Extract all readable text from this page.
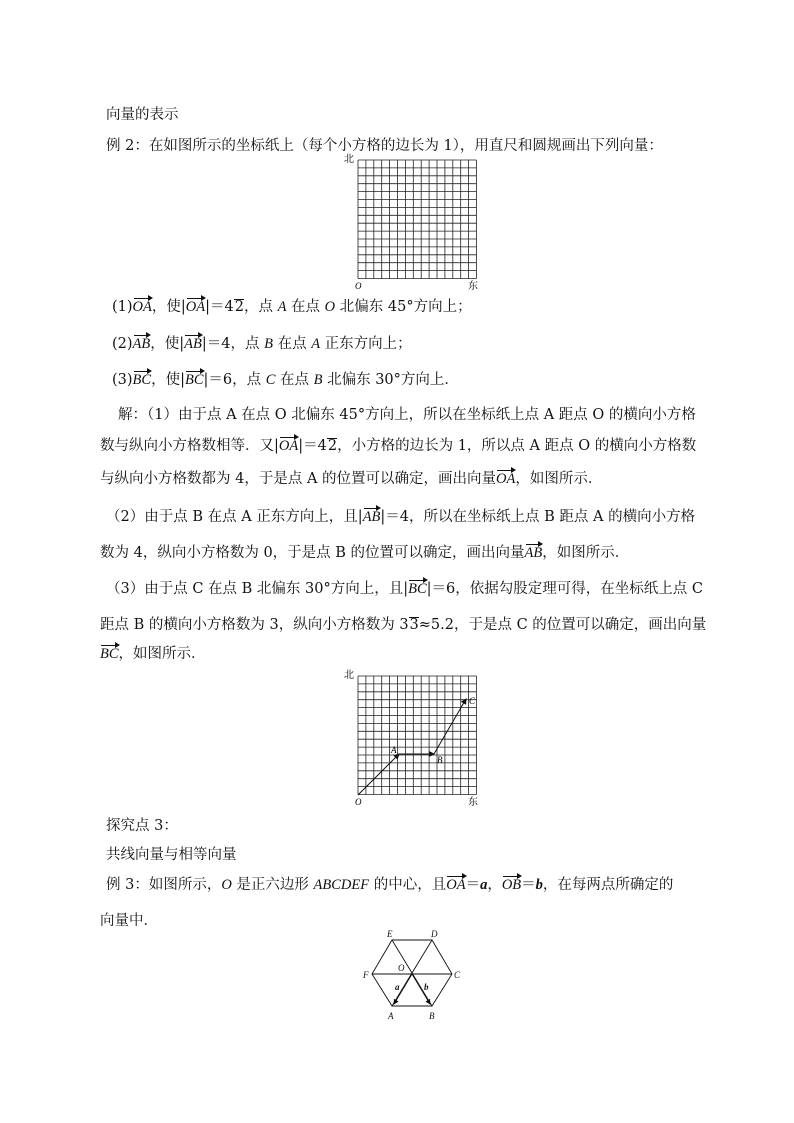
向量的表示
例 2：在如图所示的坐标纸上（每个小方格的边长为 1），用直尺和圆规画出下列向量：
北
东
O
(1)OA，使|OA|＝42，点 A 在点 O 北偏东 45°方向上；
(2)AB，使|AB|＝4，点 B 在点 A 正东方向上；
(3)BC，使|BC|＝6，点 C 在点 B 北偏东 30°方向上．
解：（1）由于点 A 在点 O 北偏东 45°方向上，所以在坐标纸上点 A 距点 O 的横向小方格
数与纵向小方格数相等．又|OA|＝42，小方格的边长为 1，所以点 A 距点 O 的横向小方格数
与纵向小方格数都为 4，于是点 A 的位置可以确定，画出向量OA，如图所示．
（2）由于点 B 在点 A 正东方向上，且|AB|＝4，所以在坐标纸上点 B 距点 A 的横向小方格
数为 4，纵向小方格数为 0，于是点 B 的位置可以确定，画出向量AB，如图所示．
（3）由于点 C 在点 B 北偏东 30°方向上，且|BC|＝6，依据勾股定理可得，在坐标纸上点 C
距点 B 的横向小方格数为 3，纵向小方格数为 33≈5.2，于是点 C 的位置可以确定，画出向量
BC，如图所示．
北
东
O
A
B
C
探究点 3：
共线向量与相等向量
例 3：如图所示，O 是正六边形 ABCDEF 的中心，且OA＝a，OB＝b，在每两点所确定的
向量中．
E	D
F	C
O
a	b
A	B
